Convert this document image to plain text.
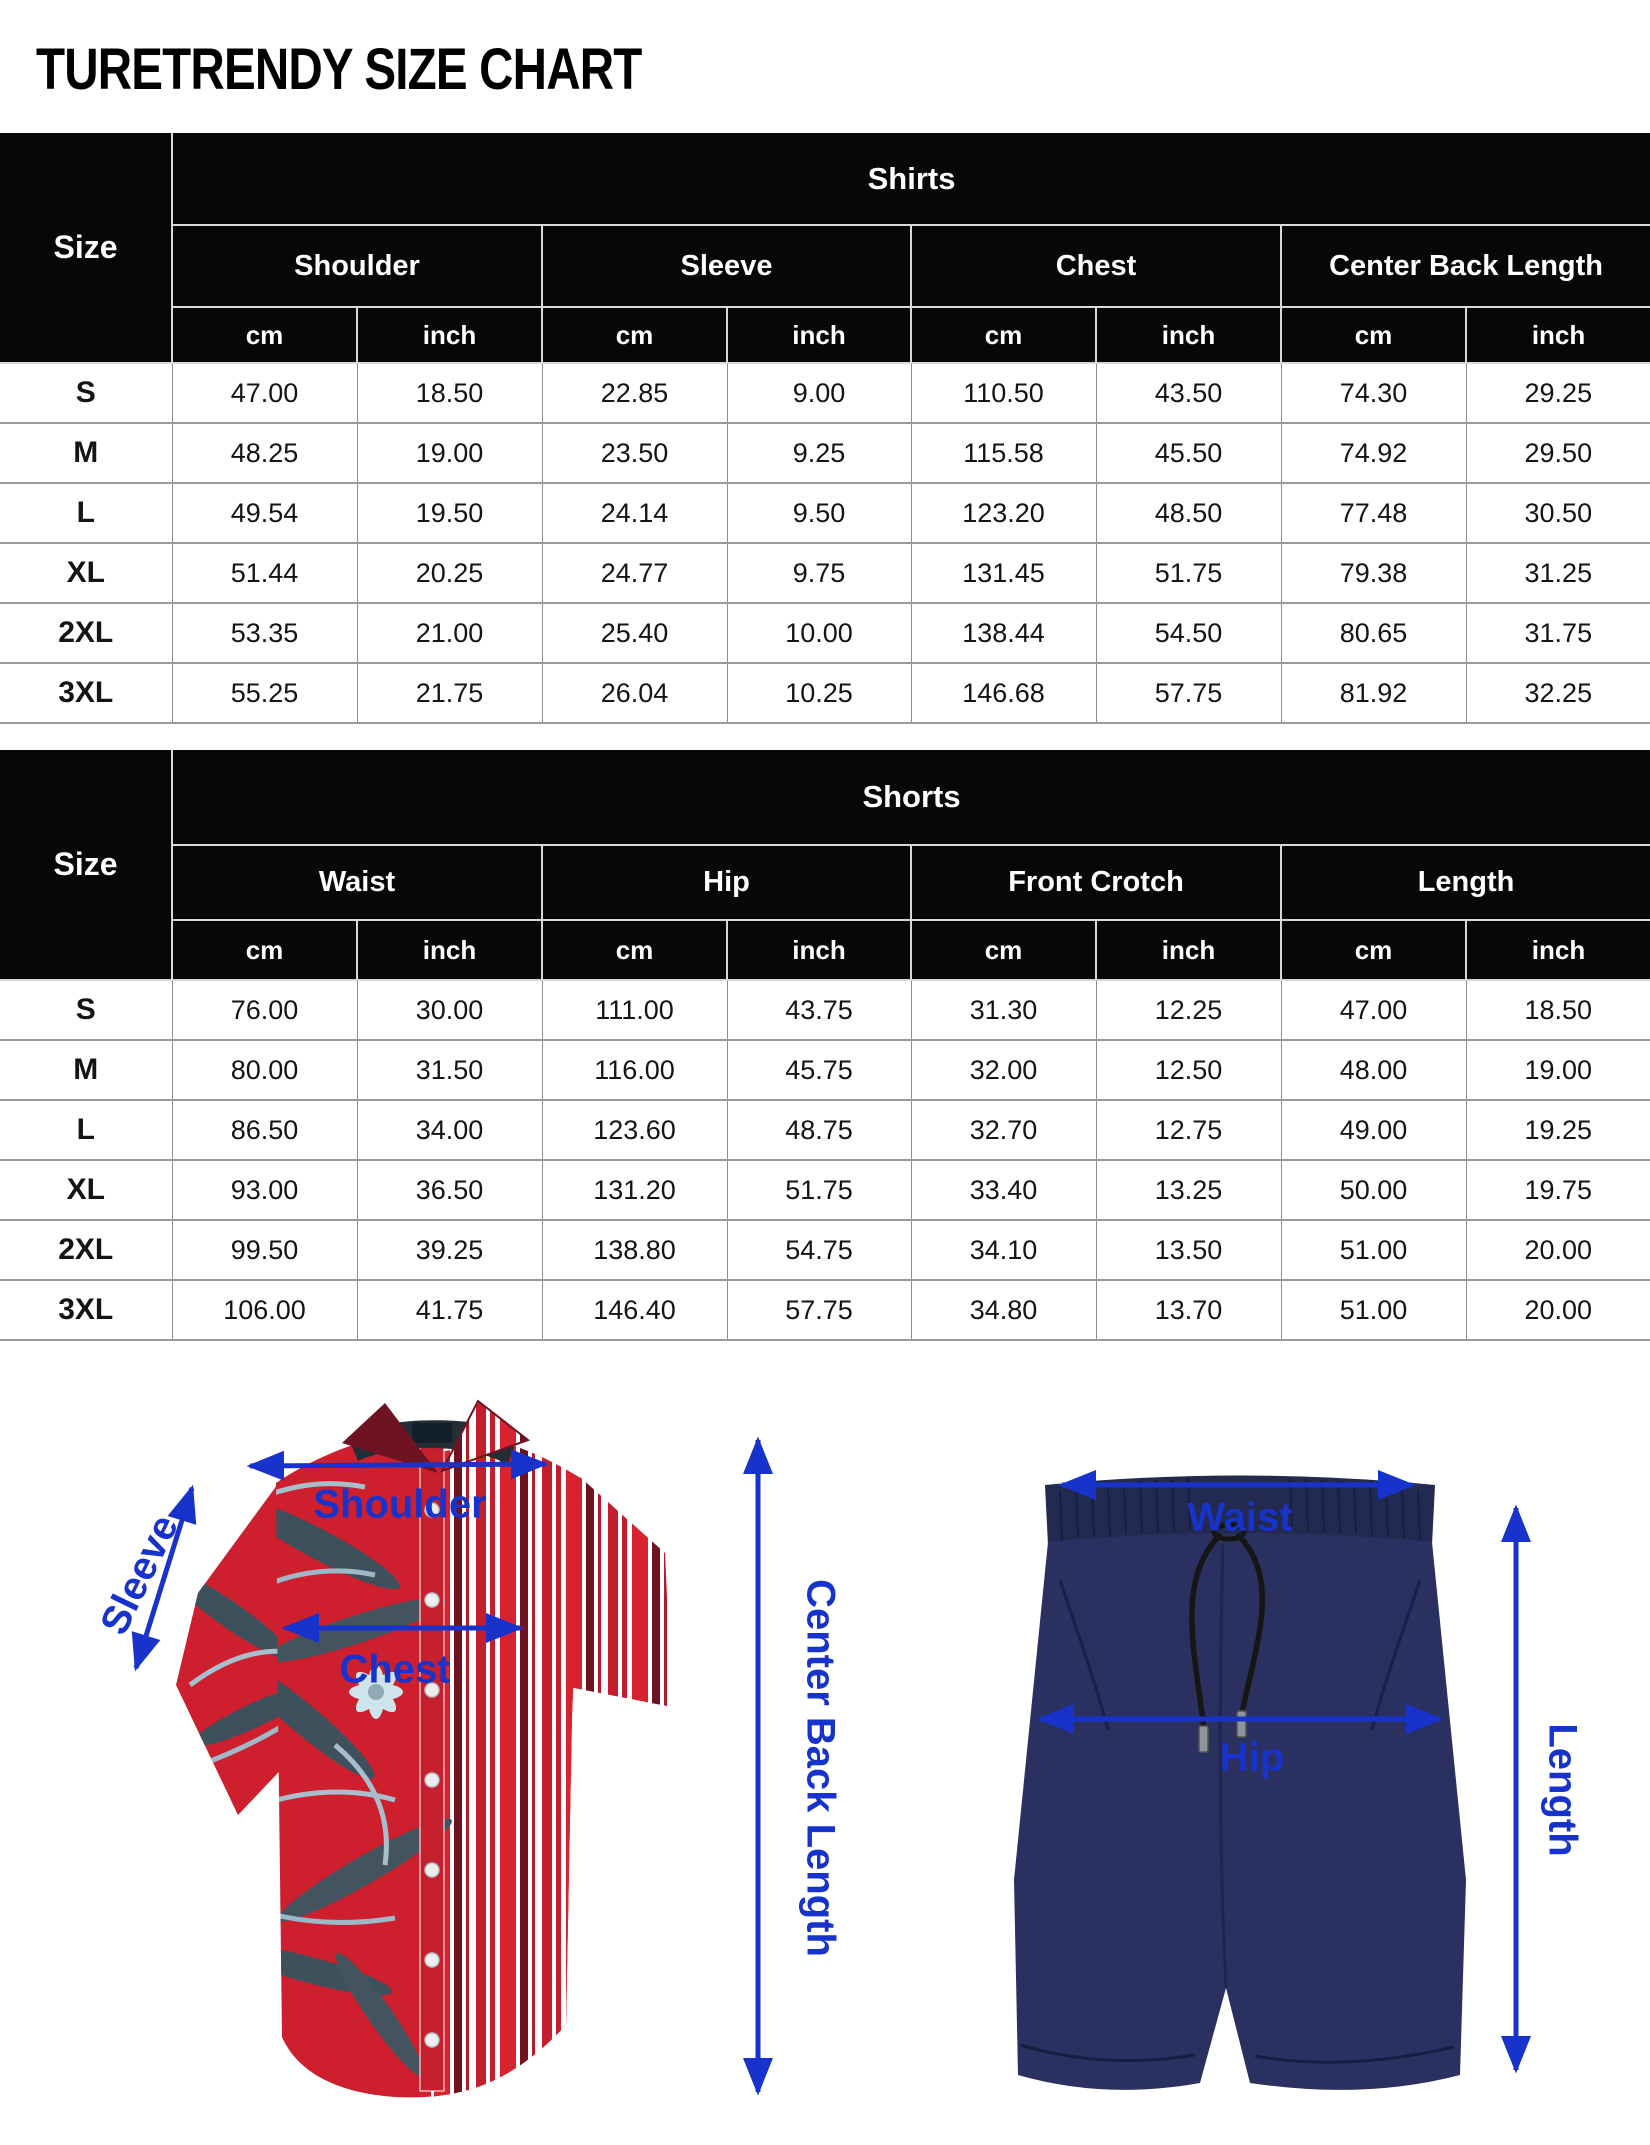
TURETRENDY SIZE CHART
Size	Shirts							
	Shoulder		Sleeve		Chest		Center Back Length	
	cm	inch	cm	inch	cm	inch	cm	inch
S	47.00	18.50	22.85	9.00	110.50	43.50	74.30	29.25
M	48.25	19.00	23.50	9.25	115.58	45.50	74.92	29.50
L	49.54	19.50	24.14	9.50	123.20	48.50	77.48	30.50
XL	51.44	20.25	24.77	9.75	131.45	51.75	79.38	31.25
2XL	53.35	21.00	25.40	10.00	138.44	54.50	80.65	31.75
3XL	55.25	21.75	26.04	10.25	146.68	57.75	81.92	32.25
Size	Shorts							
	Waist		Hip		Front Crotch		Length	
	cm	inch	cm	inch	cm	inch	cm	inch
S	76.00	30.00	111.00	43.75	31.30	12.25	47.00	18.50
M	80.00	31.50	116.00	45.75	32.00	12.50	48.00	19.00
L	86.50	34.00	123.60	48.75	32.70	12.75	49.00	19.25
XL	93.00	36.50	131.20	51.75	33.40	13.25	50.00	19.75
2XL	99.50	39.25	138.80	54.75	34.10	13.50	51.00	20.00
3XL	106.00	41.75	146.40	57.75	34.80	13.70	51.00	20.00
Shoulder
Sleeve
Chest	Center Back Length
Waist
Hip	Length
